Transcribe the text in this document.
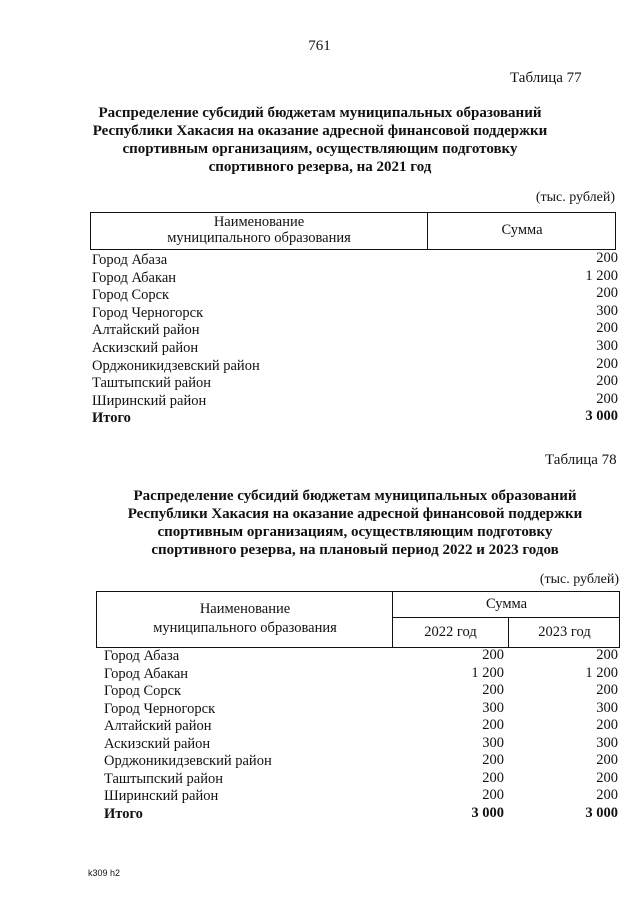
761
Таблица 77
Распределение субсидий бюджетам муниципальных образований
Республики Хакасия на оказание адресной финансовой поддержки
спортивным организациям, осуществляющим подготовку
спортивного резерва, на 2021 год
(тыс. рублей)
Наименование
муниципального образования	Сумма
Город Абаза	200
Город Абакан	1 200
Город Сорск	200
Город Черногорск	300
Алтайский район	200
Аскизский район	300
Орджоникидзевский район	200
Таштыпский район	200
Ширинский район	200
Итого	3 000
Таблица 78
Распределение субсидий бюджетам муниципальных образований
Республики Хакасия на оказание адресной финансовой поддержки
спортивным организациям, осуществляющим подготовку
спортивного резерва, на плановый период 2022 и 2023 годов
(тыс. рублей)
Наименование
муниципального образования
Сумма
2022 год	2023 год
Город Абаза	200	200
Город Абакан	1 200	1 200
Город Сорск	200	200
Город Черногорск	300	300
Алтайский район	200	200
Аскизский район	300	300
Орджоникидзевский район	200	200
Таштыпский район	200	200
Ширинский район	200	200
Итого	3 000	3 000
k309 h2
